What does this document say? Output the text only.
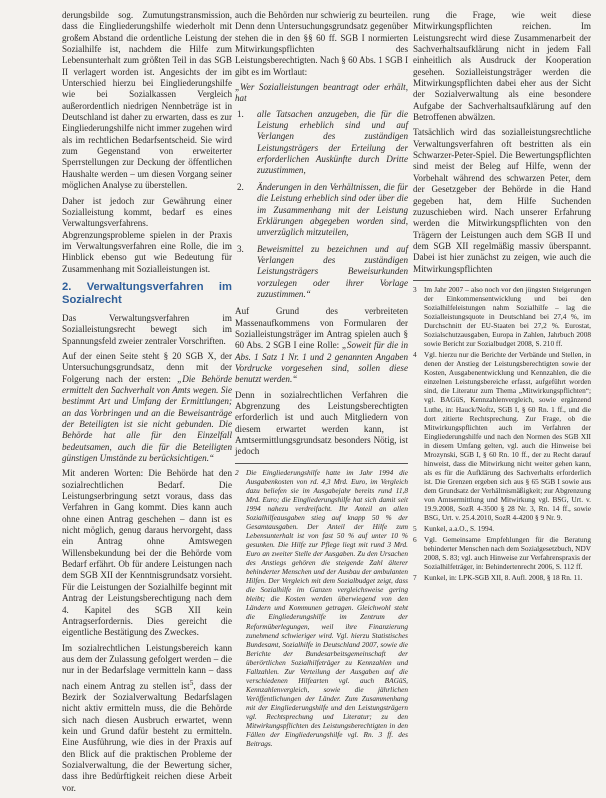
derungsbilde sog. Zumutungstransmission, dass die Eingliederungshilfe wiederholt mit großem Abstand die ordentliche Leistung der Sozialhilfe ist, nachdem die Hilfe zum Lebensunterhalt zum größten Teil in das SGB II verlagert worden ist. Angesichts der im Unterschied hierzu bei Eingliederungshilfe wie bei Sozialkassen Vergleich außerordentlich niedrigen Nennbeträge ist in Deutschland ist daher zu erwarten, dass es zur Eingliederungshilfe nicht immer zugehen wird als im rechtlichen Bedarfsentscheid. Sie wird zum Gegenstand von erweiterter Sperrstellungen zur Deckung der öffentlichen Haushalte werden – um diesen Vorgang seiner möglichen Analyse zu überstellen.

Daher ist jedoch zur Gewährung einer Sozialleistung kommt, bedarf es eines Verwaltungsverfahrens. Abgrenzungsprobleme spielen in der Praxis im Verwaltungsverfahren eine Rolle, die im Hinblick ebenso gut wie Bedeutung für Zusammenhang mit Sozialleistungen ist.

2. Verwaltungsverfahren im Sozialrecht

Das Verwaltungsverfahren im Sozialleistungsrecht bewegt sich im Spannungsfeld zweier zentraler Vorschriften.

Auf der einen Seite steht § 20 SGB X, der Untersuchungsgrundsatz, denn mit der Folgerung nach der ersten: „Die Behörde ermittelt den Sachverhalt von Amts wegen. Sie bestimmt Art und Umfang der Ermittlungen; an das Vorbringen und an die Beweisanträge der Beteiligten ist sie nicht gebunden. Die Behörde hat alle für den Einzelfall bedeutsamen, auch die für die Beteiligten günstigen Umstände zu berücksichtigen.“

Mit anderen Worten: Die Behörde hat den sozialrechtlichen Bedarf. Die Leistungserbringung setzt voraus, dass das Verfahren in Gang kommt. Dies kann auch ohne einen Antrag geschehen – dann ist es nicht möglich, genug daraus hervorgeht, dass ein Antrag ohne Amtswegen Willensbekundung bei der die Behörde vom Bedarf erfährt. Ob für andere Leistungen nach dem SGB XII der Kenntnisgrundsatz vorsieht. Für die Leistungen der Sozialhilfe beginnt mit Antrag der Leistungsberechtigung nach dem 4. Kapitel des SGB XII kein Antragserfordernis. Dies gereicht die eigentliche Bestätigung des Zweckes.

Im sozialrechtlichen Leistungsbereich kann aus dem der Zulassung gefolgert werden – die nur in der Bedarfslage vermitteln kann – dass nach einem Antrag zu stellen ist$^5$, dass der Bezirk der Sozialverwaltung Bedarfslagen nicht aktiv ermitteln muss, die die Behörde sich nach diesen Ausbruch erwartet, wenn kein und Grund dafür besteht zu ermitteln. Eine Ausführung, wie dies in der Praxis auf den Blick auf die praktischen Probleme der Sozialverwaltung, die der Bewertung sicher, dass ihre Bedürftigkeit reichen diese Arbeit vor.

auch die Behörden nur schwierig zu beurteilen. Denn denn Untersuchungsgrundsatz gegenüber stehen die in den §§ 60 ff. SGB I normierten Mitwirkungspflichten des Leistungsberechtigten. Nach § 60 Abs. 1 SGB I gibt es im Wortlaut:

„Wer Sozialleistungen beantragt oder erhält, hat

1. alle Tatsachen anzugeben, die für die Leistung erheblich sind und auf Verlangen des zuständigen Leistungsträgers der Erteilung der erforderlichen Auskünfte durch Dritte zuzustimmen,
2. Änderungen in den Verhältnissen, die für die Leistung erheblich sind oder über die im Zusammenhang mit der Leistung Erklärungen abgegeben worden sind, unverzüglich mitzuteilen,
3. Beweismittel zu bezeichnen und auf Verlangen des zuständigen Leistungsträgers Beweisurkunden vorzulegen oder ihrer Vorlage zuzustimmen.“

Auf Grund des verbreiteten Massenaufkommens von Formularen der Sozialleistungsträger im Antrag spielen auch § 60 Abs. 2 SGB I eine Rolle: „Soweit für die in Abs. 1 Satz 1 Nr. 1 und 2 genannten Angaben Vordrucke vorgesehen sind, sollen diese benutzt werden.“

Denn in sozialrechtlichen Verfahren die Abgrenzung des Leistungsberechtigten erforderlich ist und auch Mitgliedern von diesem erwartet werden kann, ist Amtsermittlungsgrundsatz besonders Nötig, ist jedoch

2 Die Eingliederungshilfe hatte im Jahr 1994 die Ausgabenkosten von rd. 4,3 Mrd. Euro, im Vergleich dazu beliefen sie im Ausgabejahr bereits rund 11,8 Mrd. Euro; die Eingliederungshilfe hat sich damit seit 1994 nahezu verdreifacht. Ihr Anteil an allen Sozialhilfeausgaben stieg auf knapp 50 % der Gesamtausgaben. Der Anteil der Hilfe zum Lebensunterhalt ist von fast 50 % auf unter 10 % gesunken. Die Hilfe zur Pflege liegt mit rund 3 Mrd. Euro an zweiter Stelle der Ausgaben. Zu den Ursachen des Anstiegs gehören die steigende Zahl älterer behinderter Menschen und der Ausbau der ambulanten Hilfen. Der Vergleich mit dem Sozialbudget zeigt, dass die Sozialhilfe im Ganzen vergleichsweise gering bleibt; die Kosten werden überwiegend von den Ländern und Kommunen getragen. Gleichwohl steht die Eingliederungshilfe im Zentrum der Reformüberlegungen, weil ihre Finanzierung zunehmend schwieriger wird. Vgl. hierzu Statistisches Bundesamt, Sozialhilfe in Deutschland 2007, sowie die Berichte der Bundesarbeitsgemeinschaft der überörtlichen Sozialhilfeträger zu Kennzahlen und Fallzahlen. Zur Verteilung der Ausgaben auf die verschiedenen Hilfearten vgl. auch BAGüS, Kennzahlenvergleich, sowie die jährlichen Veröffentlichungen der Länder. Zum Zusammenhang mit der Eingliederungshilfe und den Leistungsträgern vgl. Rechtsprechung und Literatur; zu den Mitwirkungspflichten des Leistungsberechtigten in den Fällen der Eingliederungshilfe vgl. Rn. 3 ff. des Beitrags.

rung die Frage, wie weit diese Mitwirkungspflichten reichen. Im Leistungsrecht wird diese Zusammenarbeit der Sachverhaltsaufklärung nicht in jedem Fall einheitlich als Ausdruck der Kooperation gesehen. Sozialleistungsträger werden die Mitwirkungspflichten dabei eher aus der Sicht der Sozialverwaltung als eine besondere Aufgabe der Sachverhaltsaufklärung auf den Betroffenen abwälzen.

Tatsächlich wird das sozialleistungsrechtliche Verwaltungsverfahren oft bestritten als ein Schwarzer-Peter-Spiel. Die Bewertungspflichten sind meist der Beleg auf Hilfe, wenn der Vorbehalt während des schwarzen Peter, dem der Gesetzgeber der Behörde in die Hand gegeben hat, dem Hilfe Suchenden zuzuschieben wird. Nach unserer Erfahrung werden die Mitwirkungspflichten von den Trägern der Leistungen auch dem SGB II und dem SGB XII regelmäßig massiv überspannt. Dabei ist hier zunächst zu zeigen, wie auch die Mitwirkungspflichten

3 Im Jahr 2007 – also noch vor den jüngsten Steigerungen der Einkommensentwicklung und bei den Sozialhilfeleistungen nahm Sozialhilfe – lag die Sozialleistungsquote in Deutschland bei 27,4 %, im Durchschnitt der EU-Staaten bei 27,2 %. Eurostat, Sozialschutzausgaben, Europa in Zahlen, Jahrbuch 2008 sowie Bericht zur Sozialbudget 2008, S. 210 ff.
4 Vgl. hierzu nur die Berichte der Verbände und Stellen, in denen der Anstieg der Leistungsberechtigten sowie der Kosten, Ausgabenentwicklung und Kennzahlen, die die einzelnen Leistungsbereiche erfasst, aufgeführt worden sind, die Literatur zum Thema „Mitwirkungspflichten“; vgl. BAGüS, Kennzahlenvergleich, sowie ergänzend Luthe, in: Hauck/Noftz, SGB I, § 60 Rn. 1 ff., und die dort zitierte Rechtsprechung. Zur Frage, ob die Mitwirkungspflichten auch im Verfahren der Eingliederungshilfe und nach den Normen des SGB XII in diesem Umfang gelten, vgl. auch die Hinweise bei Mrozynski, SGB I, § 60 Rn. 10 ff., der zu Recht darauf hinweist, dass die Mitwirkung nicht weiter gehen kann, als es für die Aufklärung des Sachverhalts erforderlich ist. Die Grenzen ergeben sich aus § 65 SGB I sowie aus dem Grundsatz der Verhältnismäßigkeit; zur Abgrenzung von Amtsermittlung und Mitwirkung vgl. BSG, Urt. v. 19.9.2008, SozR 4-3500 § 28 Nr. 3, Rn. 14 ff., sowie BSG, Urt. v. 25.4.2010, SozR 4-4200 § 9 Nr. 9.
5 Kunkel, a.a.O., S. 1994.
6 Vgl. Gemeinsame Empfehlungen für die Beratung behinderter Menschen nach dem Sozialgesetzbuch, NDV 2008, S. 83; vgl. auch Hinweise zur Verfahrenspraxis der Sozialhilfeträger, in: Behindertenrecht 2006, S. 112 ff.
7 Kunkel, in: LPK-SGB XII, 8. Aufl. 2008, § 18 Rn. 11.
